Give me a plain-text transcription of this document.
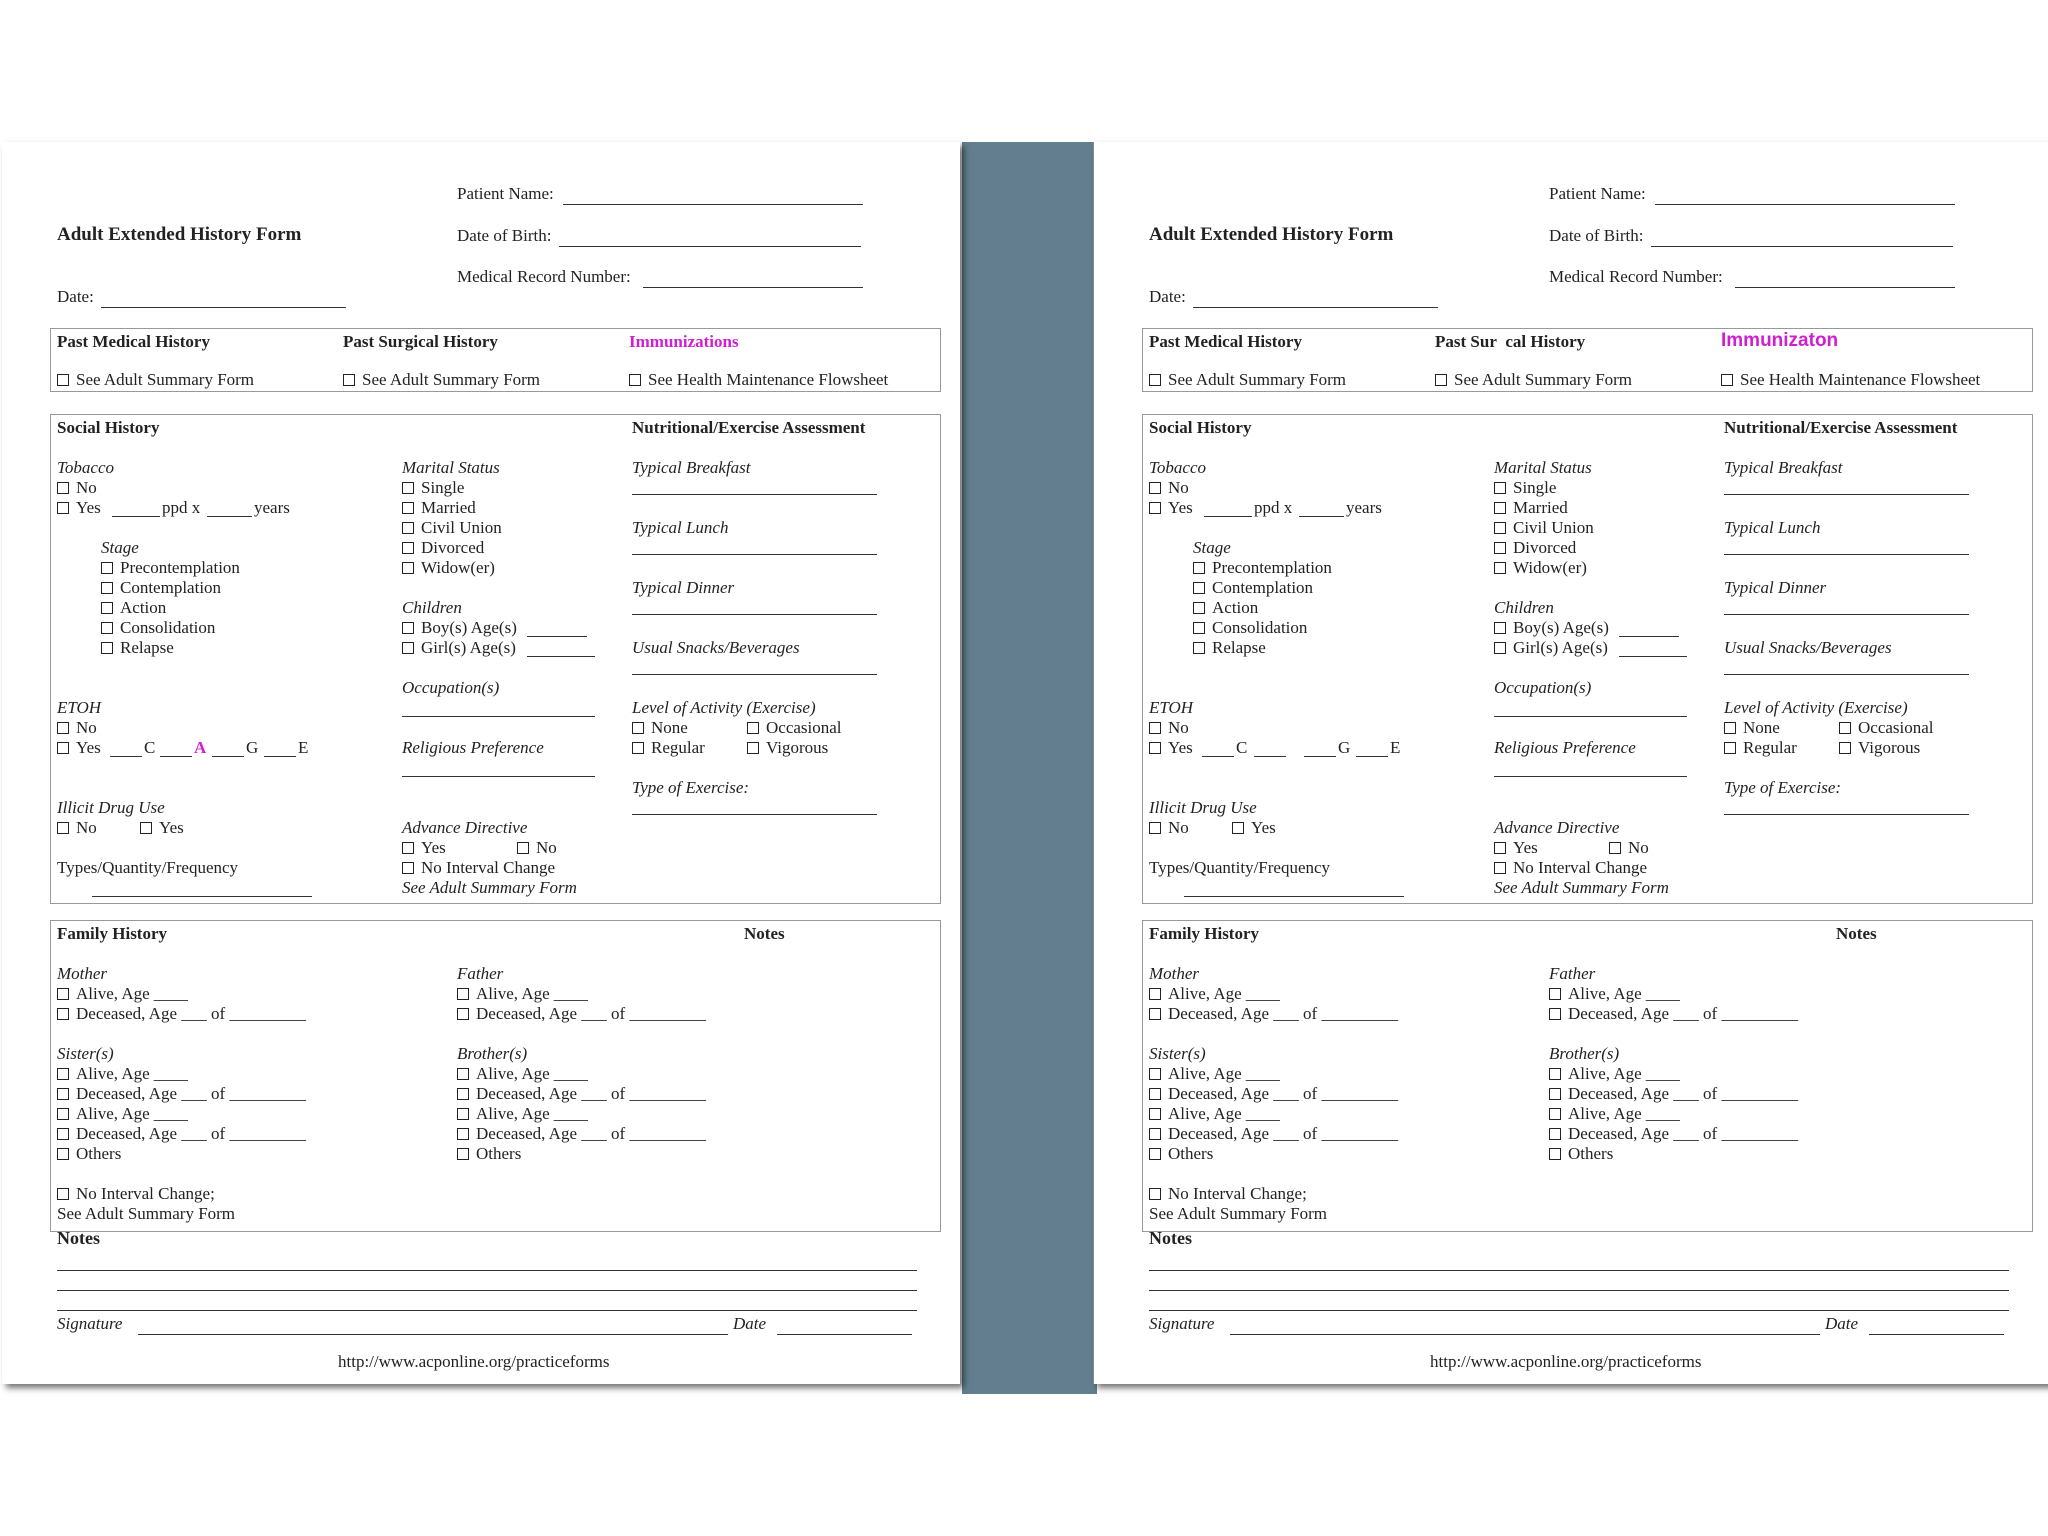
Patient Name:
Adult Extended History Form	Date of Birth:
Medical Record Number:
Date:
Past Medical History
See Adult Summary Form
Past Surgical History
See Adult Summary Form
Immunizations
See Health Maintenance Flowsheet
Social History
Tobacco
No
Yes	ppd x	years
Stage
Precontemplation
Contemplation
Action
Consolidation
Relapse
ETOH
No
Yes	C A G E
Illicit Drug Use
No	Yes
Types/Quantity/Frequency
Marital Status
Single
Married
Civil Union
Divorced
Widow(er)
Children
Boy(s) Age(s)
Girl(s) Age(s)
Occupation(s)
Religious Preference
Advance Directive
Yes	No
No Interval Change
See Adult Summary Form
Nutritional/Exercise Assessment
Typical Breakfast
Typical Lunch
Typical Dinner
Usual Snacks/Beverages
Level of Activity (Exercise)
None	Occasional
Regular	Vigorous
Type of Exercise:
Family History	Notes
Mother
Alive, Age ____
Deceased, Age ___ of _________
Father
Alive, Age ____
Deceased, Age ___ of _________
Sister(s)
Alive, Age ____
Deceased, Age ___ of _________
Alive, Age ____
Deceased, Age ___ of _________
Others
Brother(s)
Alive, Age ____
Deceased, Age ___ of _________
Alive, Age ____
Deceased, Age ___ of _________
Others
No Interval Change;
See Adult Summary Form
Notes
Signature	Date
http://www.acponline.org/practiceforms
Patient Name:
Adult Extended History Form	Date of Birth:
Medical Record Number:
Date:
Past Medical History
See Adult Summary Form
Past Sur cal History
See Adult Summary Form
Immunizaton
See Health Maintenance Flowsheet
Social History
Tobacco
No
Yes	ppd x	years
Stage
Precontemplation
Contemplation
Action
Consolidation
Relapse
ETOH
No
Yes	C	G E
Illicit Drug Use
No	Yes
Types/Quantity/Frequency
Marital Status
Single
Married
Civil Union
Divorced
Widow(er)
Children
Boy(s) Age(s)
Girl(s) Age(s)
Occupation(s)
Religious Preference
Advance Directive
Yes	No
No Interval Change
See Adult Summary Form
Nutritional/Exercise Assessment
Typical Breakfast
Typical Lunch
Typical Dinner
Usual Snacks/Beverages
Level of Activity (Exercise)
None	Occasional
Regular	Vigorous
Type of Exercise:
Family History	Notes
Mother
Alive, Age ____
Deceased, Age ___ of _________
Father
Alive, Age ____
Deceased, Age ___ of _________
Sister(s)
Alive, Age ____
Deceased, Age ___ of _________
Alive, Age ____
Deceased, Age ___ of _________
Others
Brother(s)
Alive, Age ____
Deceased, Age ___ of _________
Alive, Age ____
Deceased, Age ___ of _________
Others
No Interval Change;
See Adult Summary Form
Notes
Signature	Date
http://www.acponline.org/practiceforms
